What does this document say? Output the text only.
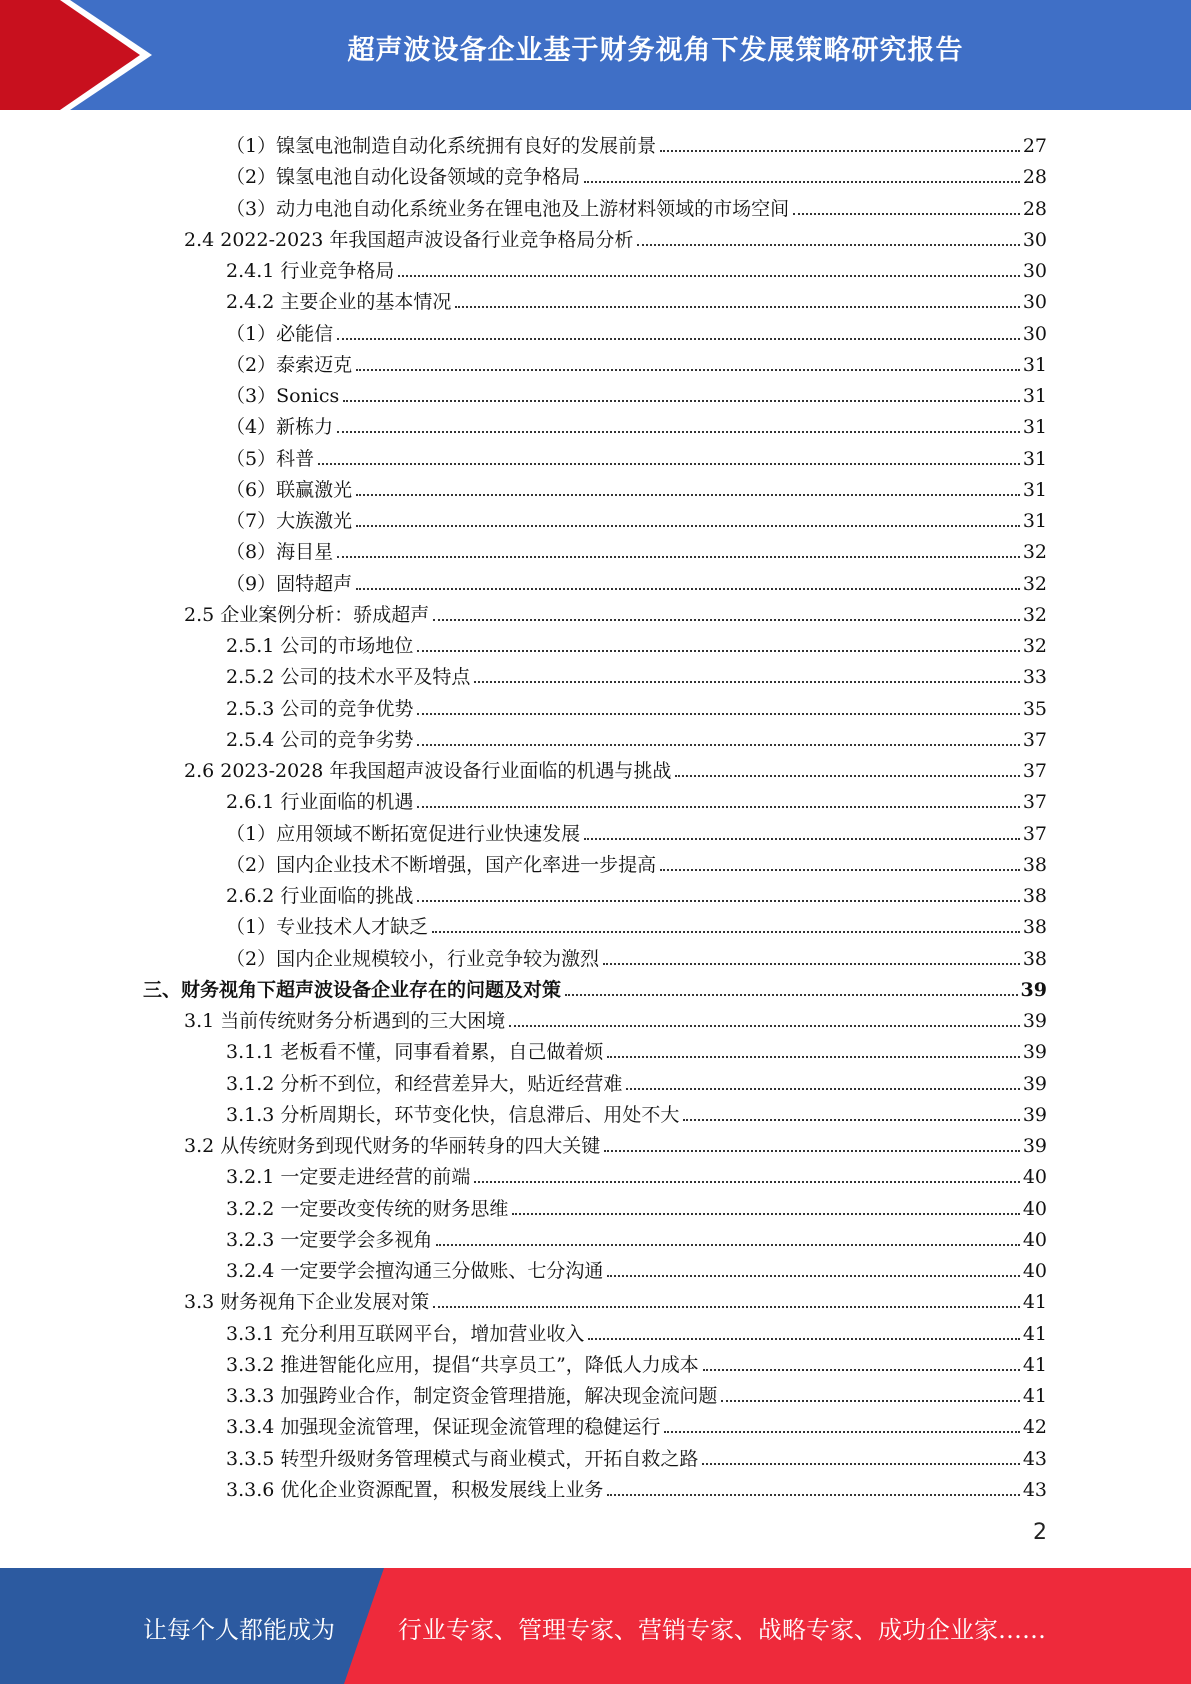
超声波设备企业基于财务视角下发展策略研究报告
（1）镍氢电池制造自动化系统拥有良好的发展前景	27
（2）镍氢电池自动化设备领域的竞争格局	28
（3）动力电池自动化系统业务在锂电池及上游材料领域的市场空间	28
2.4 2022-2023 年我国超声波设备行业竞争格局分析	30
2.4.1 行业竞争格局	30
2.4.2 主要企业的基本情况	30
（1）必能信	30
（2）泰索迈克	31
（3）Sonics	31
（4）新栋力	31
（5）科普	31
（6）联赢激光	31
（7）大族激光	31
（8）海目星	32
（9）固特超声	32
2.5 企业案例分析：骄成超声	32
2.5.1 公司的市场地位	32
2.5.2 公司的技术水平及特点	33
2.5.3 公司的竞争优势	35
2.5.4 公司的竞争劣势	37
2.6 2023-2028 年我国超声波设备行业面临的机遇与挑战	37
2.6.1 行业面临的机遇	37
（1）应用领域不断拓宽促进行业快速发展	37
（2）国内企业技术不断增强，国产化率进一步提高	38
2.6.2 行业面临的挑战	38
（1）专业技术人才缺乏	38
（2）国内企业规模较小，行业竞争较为激烈	38
三、财务视角下超声波设备企业存在的问题及对策	39
3.1 当前传统财务分析遇到的三大困境	39
3.1.1 老板看不懂，同事看着累，自己做着烦	39
3.1.2 分析不到位，和经营差异大，贴近经营难	39
3.1.3 分析周期长，环节变化快，信息滞后、用处不大	39
3.2 从传统财务到现代财务的华丽转身的四大关键	39
3.2.1 一定要走进经营的前端	40
3.2.2 一定要改变传统的财务思维	40
3.2.3 一定要学会多视角	40
3.2.4 一定要学会擅沟通三分做账、七分沟通	40
3.3 财务视角下企业发展对策	41
3.3.1 充分利用互联网平台，增加营业收入	41
3.3.2 推进智能化应用，提倡“共享员工”，降低人力成本	41
3.3.3 加强跨业合作，制定资金管理措施，解决现金流问题	41
3.3.4 加强现金流管理，保证现金流管理的稳健运行	42
3.3.5 转型升级财务管理模式与商业模式，开拓自救之路	43
3.3.6 优化企业资源配置，积极发展线上业务	43
2
让每个人都能成为	行业专家、管理专家、营销专家、战略专家、成功企业家……
